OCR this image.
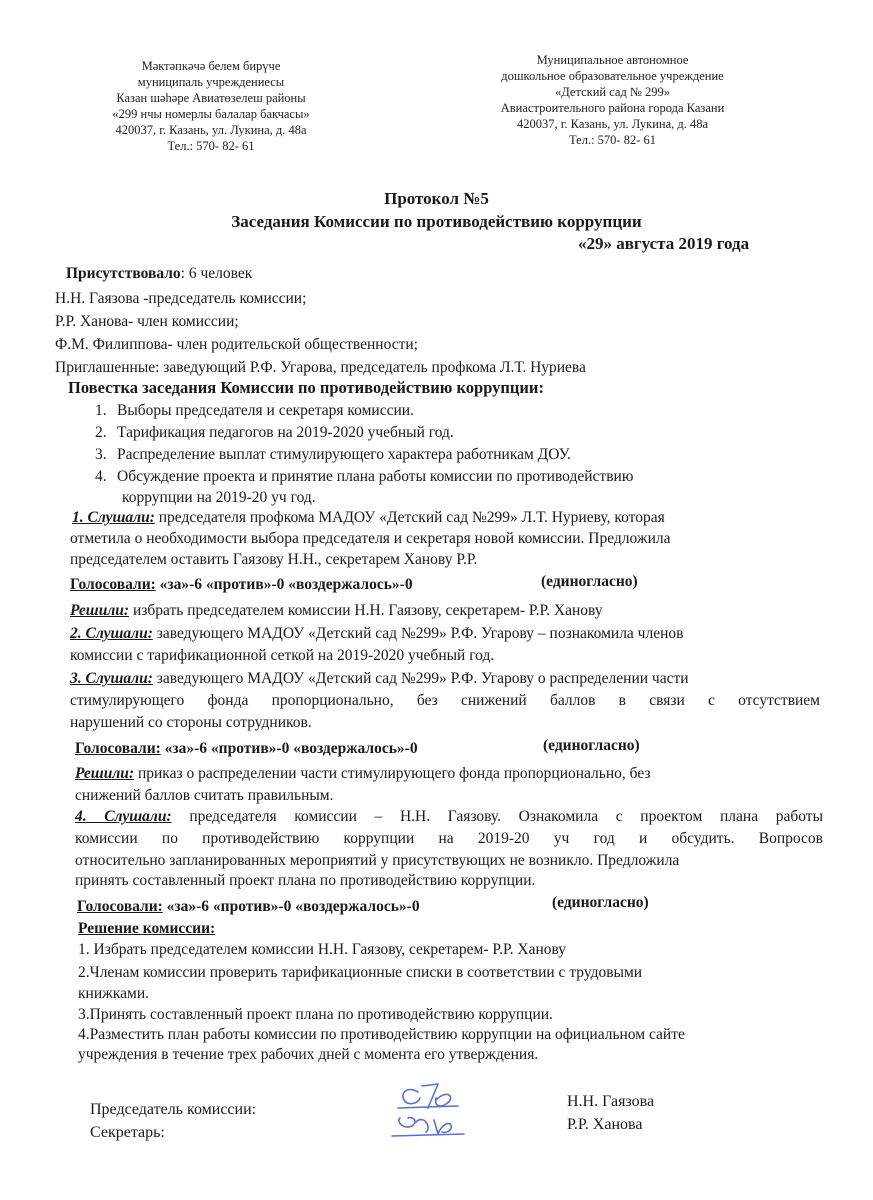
Мәктәпкәчә белем бирүче
муниципаль учреждениесы
Казан шәһәре Авиатөзелеш районы
«299 нчы номерлы балалар бакчасы»
420037, г. Казань, ул. Лукина, д. 48а
Тел.: 570- 82- 61
Муниципальное автономное
дошкольное образовательное учреждение
«Детский сад № 299»
Авиастроительного района города Казани
420037, г. Казань, ул. Лукина, д. 48а
Тел.: 570- 82- 61
Протокол №5
Заседания Комиссии по противодействию коррупции
«29» августа 2019 года
Присутствовало: 6 человек
Н.Н. Гаязова -председатель комиссии;
Р.Р. Ханова- член комиссии;
Ф.М. Филиппова- член родительской общественности;
Приглашенные: заведующий Р.Ф. Угарова, председатель профкома Л.Т. Нуриева
Повестка заседания Комиссии по противодействию коррупции:
1. Выборы председателя и секретаря комиссии.
2. Тарификация педагогов на 2019-2020 учебный год.
3. Распределение выплат стимулирующего характера работникам ДОУ.
4. Обсуждение проекта и принятие плана работы комиссии по противодействию
коррупции на 2019-20 уч год.
1. Слушали: председателя профкома МАДОУ «Детский сад №299» Л.Т. Нуриеву, которая
отметила о необходимости выбора председателя и секретаря новой комиссии. Предложила
председателем оставить Гаязову Н.Н., секретарем Ханову Р.Р.
Голосовали: «за»-6 «против»-0 «воздержалось»-0	(единогласно)
Решили: избрать председателем комиссии Н.Н. Гаязову, секретарем- Р.Р. Ханову
2. Слушали: заведующего МАДОУ «Детский сад №299» Р.Ф. Угарову – познакомила членов
комиссии с тарификационной сеткой на 2019-2020 учебный год.
3. Слушали: заведующего МАДОУ «Детский сад №299» Р.Ф. Угарову о распределении части
стимулирующего фонда пропорционально, без снижений баллов в связи с отсутствием
нарушений со стороны сотрудников.
Голосовали: «за»-6 «против»-0 «воздержалось»-0	(единогласно)
Решили: приказ о распределении части стимулирующего фонда пропорционально, без
снижений баллов считать правильным.
4. Слушали: председателя комиссии – Н.Н. Гаязову. Ознакомила с проектом плана работы
комиссии по противодействию коррупции на 2019-20 уч год и обсудить. Вопросов
относительно запланированных мероприятий у присутствующих не возникло. Предложила
принять составленный проект плана по противодействию коррупции.
Голосовали: «за»-6 «против»-0 «воздержалось»-0	(единогласно)
Решение комиссии:
1. Избрать председателем комиссии Н.Н. Гаязову, секретарем- Р.Р. Ханову
2.Членам комиссии проверить тарификационные списки в соответствии с трудовыми
книжками.
3.Принять составленный проект плана по противодействию коррупции.
4.Разместить план работы комиссии по противодействию коррупции на официальном сайте
учреждения в течение трех рабочих дней с момента его утверждения.
Председатель комиссии:
Секретарь:
Н.Н. Гаязова
Р.Р. Ханова
